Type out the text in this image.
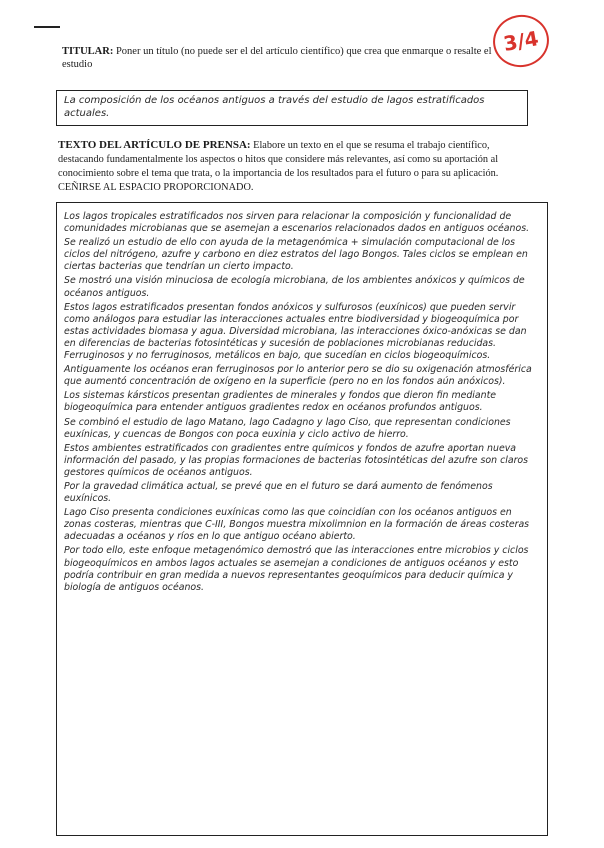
3/4
TITULAR: Poner un título (no puede ser el del artículo científico) que crea que enmarque o resalte el estudio
La composición de los océanos antiguos a través del estudio de lagos estratificados actuales.
TEXTO DEL ARTÍCULO DE PRENSA: Elabore un texto en el que se resuma el trabajo científico, destacando fundamentalmente los aspectos o hitos que considere más relevantes, así como su aportación al conocimiento sobre el tema que trata, o la importancia de los resultados para el futuro o para su aplicación. CEÑIRSE AL ESPACIO PROPORCIONADO.

Los lagos tropicales estratificados nos sirven para relacionar la composición y funcionalidad de comunidades microbianas que se asemejan a escenarios relacionados dados en antiguos océanos.

Se realizó un estudio de ello con ayuda de la metagenómica + simulación computacional de los ciclos del nitrógeno, azufre y carbono en diez estratos del lago Bongos. Tales ciclos se emplean en ciertas bacterias que tendrían un cierto impacto.

Se mostró una visión minuciosa de ecología microbiana, de los ambientes anóxicos y químicos de océanos antiguos.

Estos lagos estratificados presentan fondos anóxicos y sulfurosos (euxínicos) que pueden servir como análogos para estudiar las interacciones actuales entre biodiversidad y biogeoquímica por estas actividades biomasa y agua. Diversidad microbiana, las interacciones óxico-anóxicas se dan en diferencias de bacterias fotosintéticas y sucesión de poblaciones microbianas reducidas. Ferruginosos y no ferruginosos, metálicos en bajo, que sucedían en ciclos biogeoquímicos.

Antiguamente los océanos eran ferruginosos por lo anterior pero se dio su oxigenación atmosférica que aumentó concentración de oxígeno en la superficie (pero no en los fondos aún anóxicos).

Los sistemas kársticos presentan gradientes de minerales y fondos que dieron fin mediante biogeoquímica para entender antiguos gradientes redox en océanos profundos antiguos.

Se combinó el estudio de lago Matano, lago Cadagno y lago Ciso, que representan condiciones euxínicas, y cuencas de Bongos con poca euxinia y ciclo activo de hierro.

Estos ambientes estratificados con gradientes entre químicos y fondos de azufre aportan nueva información del pasado, y las propias formaciones de bacterias fotosintéticas del azufre son claros gestores químicos de océanos antiguos.

Por la gravedad climática actual, se prevé que en el futuro se dará aumento de fenómenos euxínicos.

Lago Ciso presenta condiciones euxínicas como las que coincidían con los océanos antiguos en zonas costeras, mientras que C-III, Bongos muestra mixolimnion en la formación de áreas costeras adecuadas a océanos y ríos en lo que antiguo océano abierto.

Por todo ello, este enfoque metagenómico demostró que las interacciones entre microbios y ciclos biogeoquímicos en ambos lagos actuales se asemejan a condiciones de antiguos océanos y esto podría contribuir en gran medida a nuevos representantes geoquímicos para deducir química y biología de antiguos océanos.
